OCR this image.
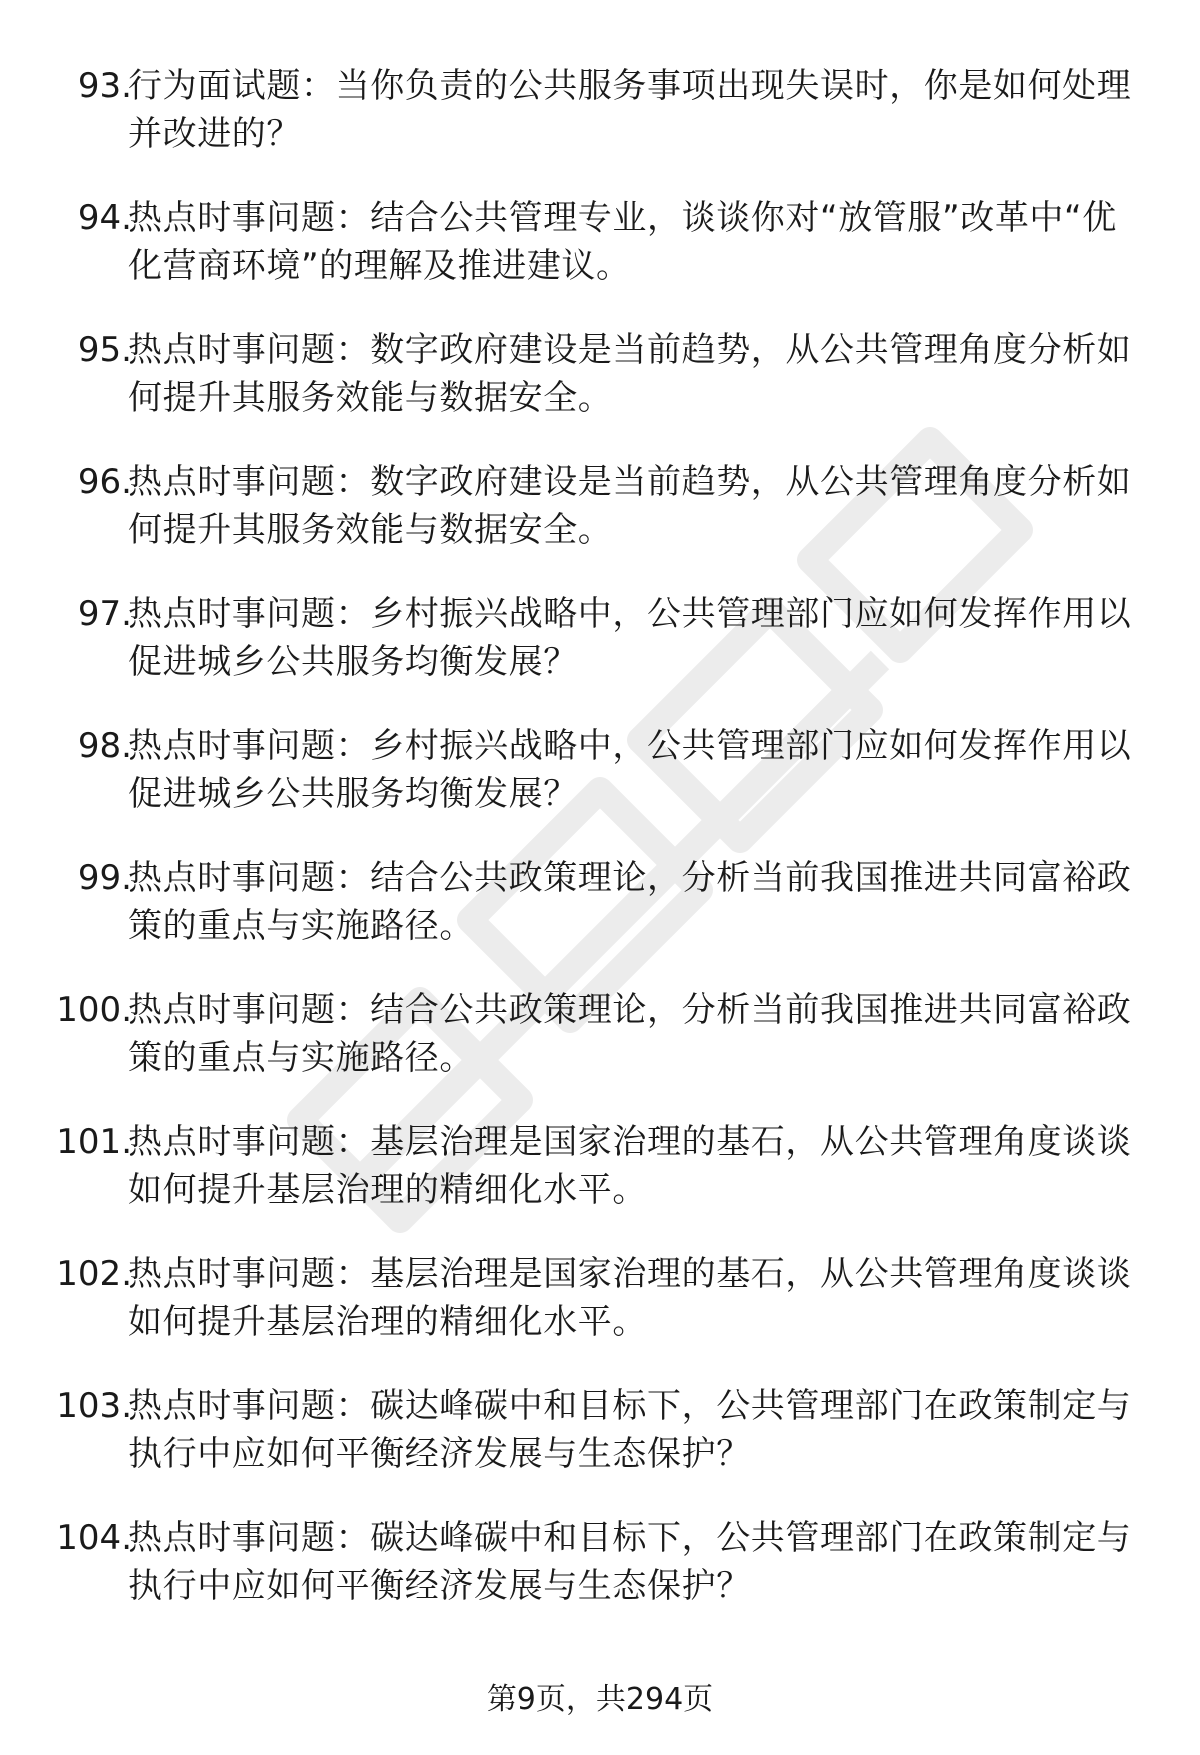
93.
行为面试题：当你负责的公共服务事项出现失误时，你是如何处理并改进的？
94.
热点时事问题：结合公共管理专业，谈谈你对“放管服”改革中“优化营商环境”的理解及推进建议。
95.
热点时事问题：数字政府建设是当前趋势，从公共管理角度分析如何提升其服务效能与数据安全。
96.
热点时事问题：数字政府建设是当前趋势，从公共管理角度分析如何提升其服务效能与数据安全。
97.
热点时事问题：乡村振兴战略中，公共管理部门应如何发挥作用以促进城乡公共服务均衡发展？
98.
热点时事问题：乡村振兴战略中，公共管理部门应如何发挥作用以促进城乡公共服务均衡发展？
99.
热点时事问题：结合公共政策理论，分析当前我国推进共同富裕政策的重点与实施路径。
100.
热点时事问题：结合公共政策理论，分析当前我国推进共同富裕政策的重点与实施路径。
101.
热点时事问题：基层治理是国家治理的基石，从公共管理角度谈谈如何提升基层治理的精细化水平。
102.
热点时事问题：基层治理是国家治理的基石，从公共管理角度谈谈如何提升基层治理的精细化水平。
103.
热点时事问题：碳达峰碳中和目标下，公共管理部门在政策制定与执行中应如何平衡经济发展与生态保护？
104.
热点时事问题：碳达峰碳中和目标下，公共管理部门在政策制定与执行中应如何平衡经济发展与生态保护？
第9页，共294页
